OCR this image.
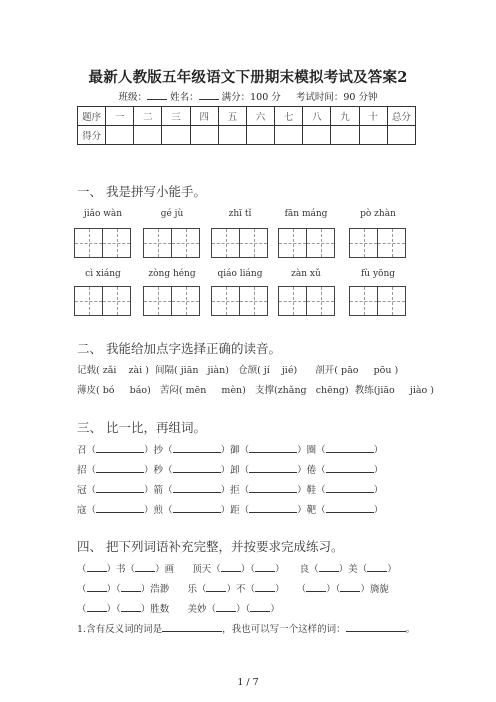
最新人教版五年级语文下册期末模拟考试及答案2
班级： 姓名： 满分：100 分 考试时间：90 分钟
题序	一	二	三	四	五	六	七	八	九	十	总分
得分											
一、 我是拼写小能手。
jiǎo wàn	gé jù	zhī tǐ	fān máng	pò zhàn
cì xiáng	zòng héng	qiáo liáng	zàn xǔ	fù yōng
二、 我能给加点字选择正确的读音。
记载( zǎi    zài )  间隔( jiān   jiàn)   仓颉( jí    jié)      剖开( pāo     pōu )
薄皮( bó     báo)   苦闷( mēn     mèn)   支撑(zhǎng   chēng)  教练(jiāo     jiào )
三、 比一比，再组词。
召（	）抄（	）御（	）圈（	）
招（	）秒（	）卸（	）倦（	）
冠（	）箭（	）拒（	）鞋（	）
寇（	）煎（	）距（	）靶（	）
四、 把下列词语补充完整，并按要求完成练习。
（ ）书（ ）画 顶天（ ）（ ）     良（ ）美（ ）
（ ）（ ）浩渺 乐（ ）不（ ）    （ ）（ ）旖旎
（ ）（ ）胜数 美妙（ ）（ ）
1.含有反义词的词是	，我也可以写一个这样的词：	。
1 / 7
